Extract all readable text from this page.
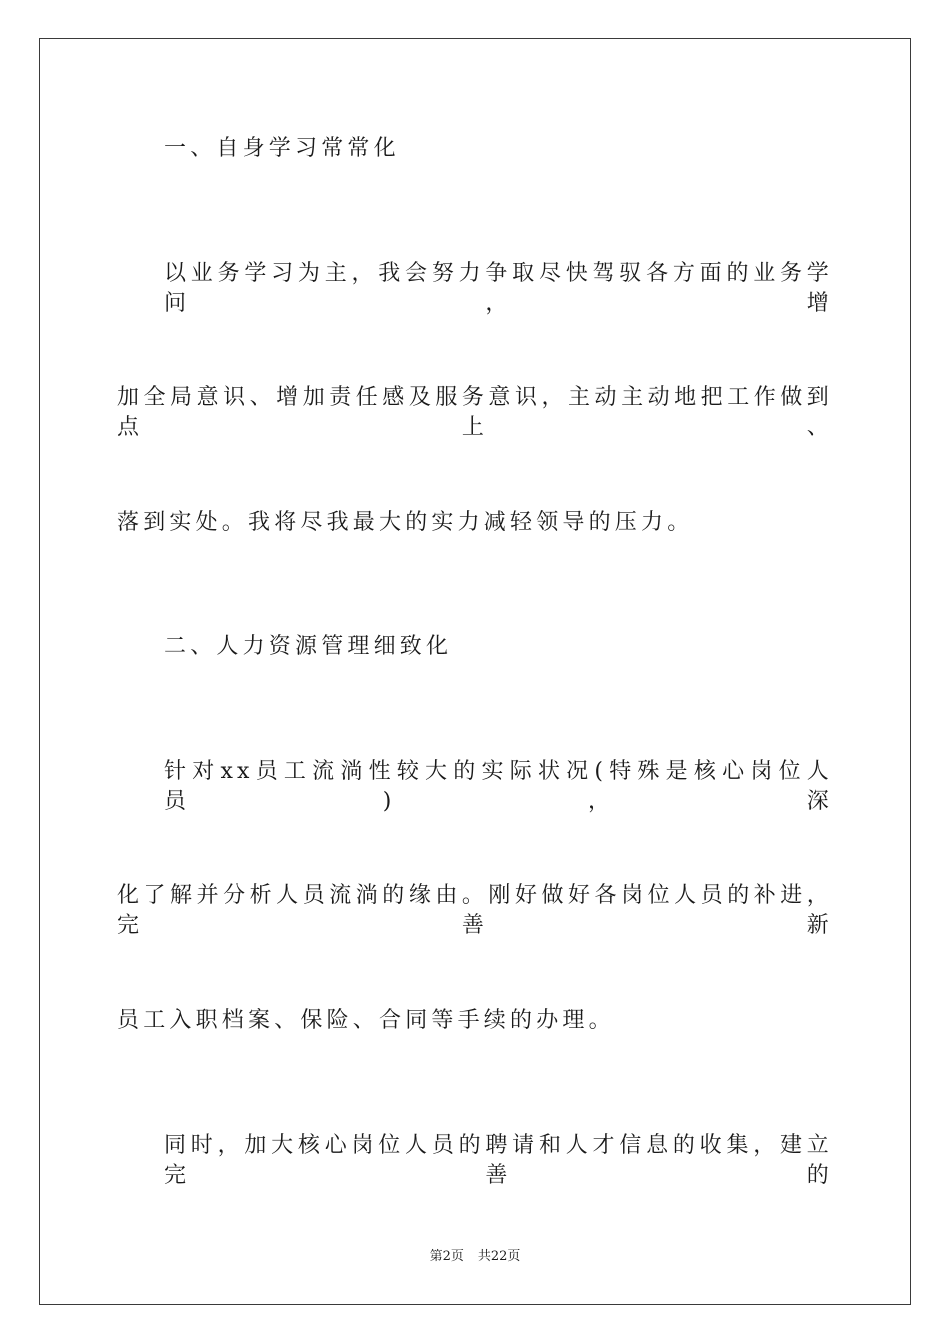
一、自身学习常常化
以业务学习为主，我会努力争取尽快驾驭各方面的业务学问，增
加全局意识、增加责任感及服务意识，主动主动地把工作做到点上、
落到实处。我将尽我最大的实力减轻领导的压力。
二、人力资源管理细致化
针对xx员工流淌性较大的实际状况(特殊是核心岗位人员)，深
化了解并分析人员流淌的缘由。刚好做好各岗位人员的补进，完善新
员工入职档案、保险、合同等手续的办理。
同时，加大核心岗位人员的聘请和人才信息的收集，建立完善的
第2页 共22页
